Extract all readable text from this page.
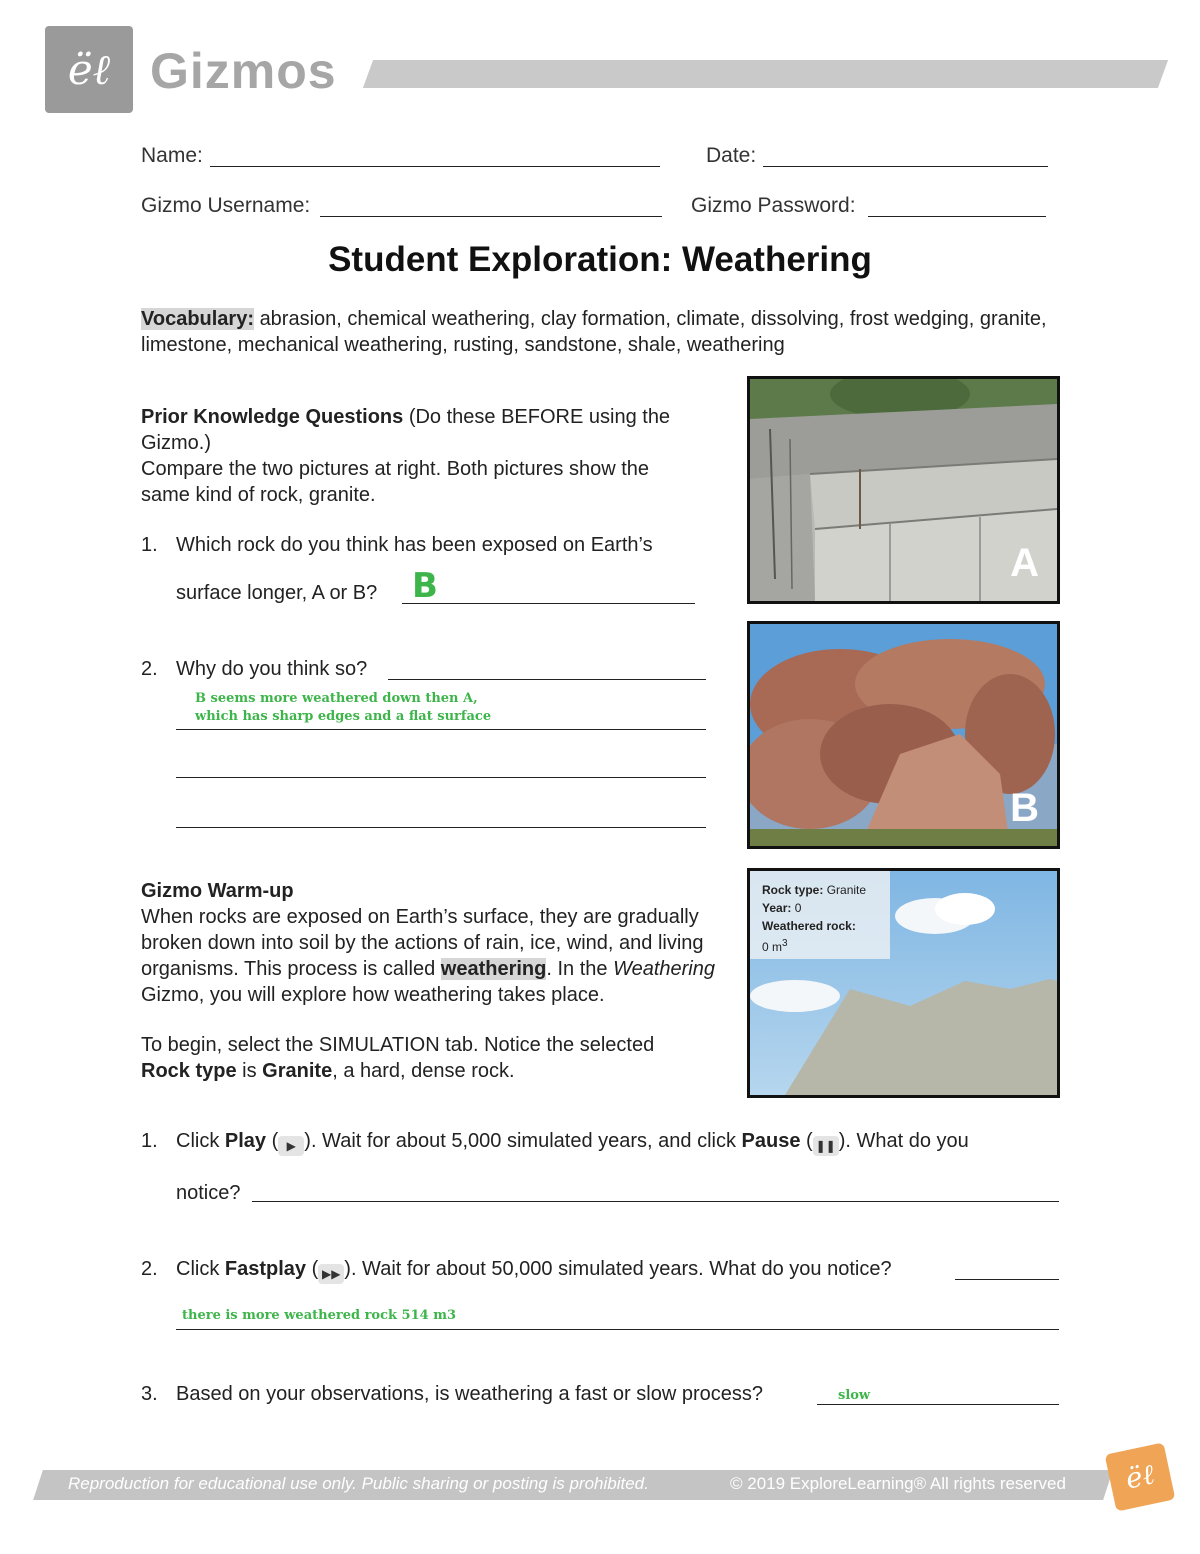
ëℓ Gizmos
Name:	Date:
Gizmo Username:	Gizmo Password:
Student Exploration: Weathering
Vocabulary: abrasion, chemical weathering, clay formation, climate, dissolving, frost wedging, granite, limestone, mechanical weathering, rusting, sandstone, shale, weathering
Prior Knowledge Questions (Do these BEFORE using the Gizmo.)
Compare the two pictures at right. Both pictures show the same kind of rock, granite.
1. Which rock do you think has been exposed on Earth’s
surface longer, A or B? B
2. Why do you think so?
B seems more weathered down then A,
which has sharp edges and a flat surface
A
B
Rock type: Granite
Year: 0
Weathered rock:
0 $m^3$
Gizmo Warm-up
When rocks are exposed on Earth’s surface, they are gradually broken down into soil by the actions of rain, ice, wind, and living organisms. This process is called weathering. In the Weathering Gizmo, you will explore how weathering takes place.
To begin, select the SIMULATION tab. Notice the selected
Rock type is Granite, a hard, dense rock.
1. Click Play ( ▶ ). Wait for about 5,000 simulated years, and click Pause ( ❚❚ ). What do you
notice?
2. Click Fastplay ( ▶▶ ). Wait for about 50,000 simulated years. What do you notice?
there is more weathered rock 514 m3
3. Based on your observations, is weathering a fast or slow process?	slow
Reproduction for educational use only. Public sharing or posting is prohibited.	© 2019 ExploreLearning® All rights reserved	ëℓ
